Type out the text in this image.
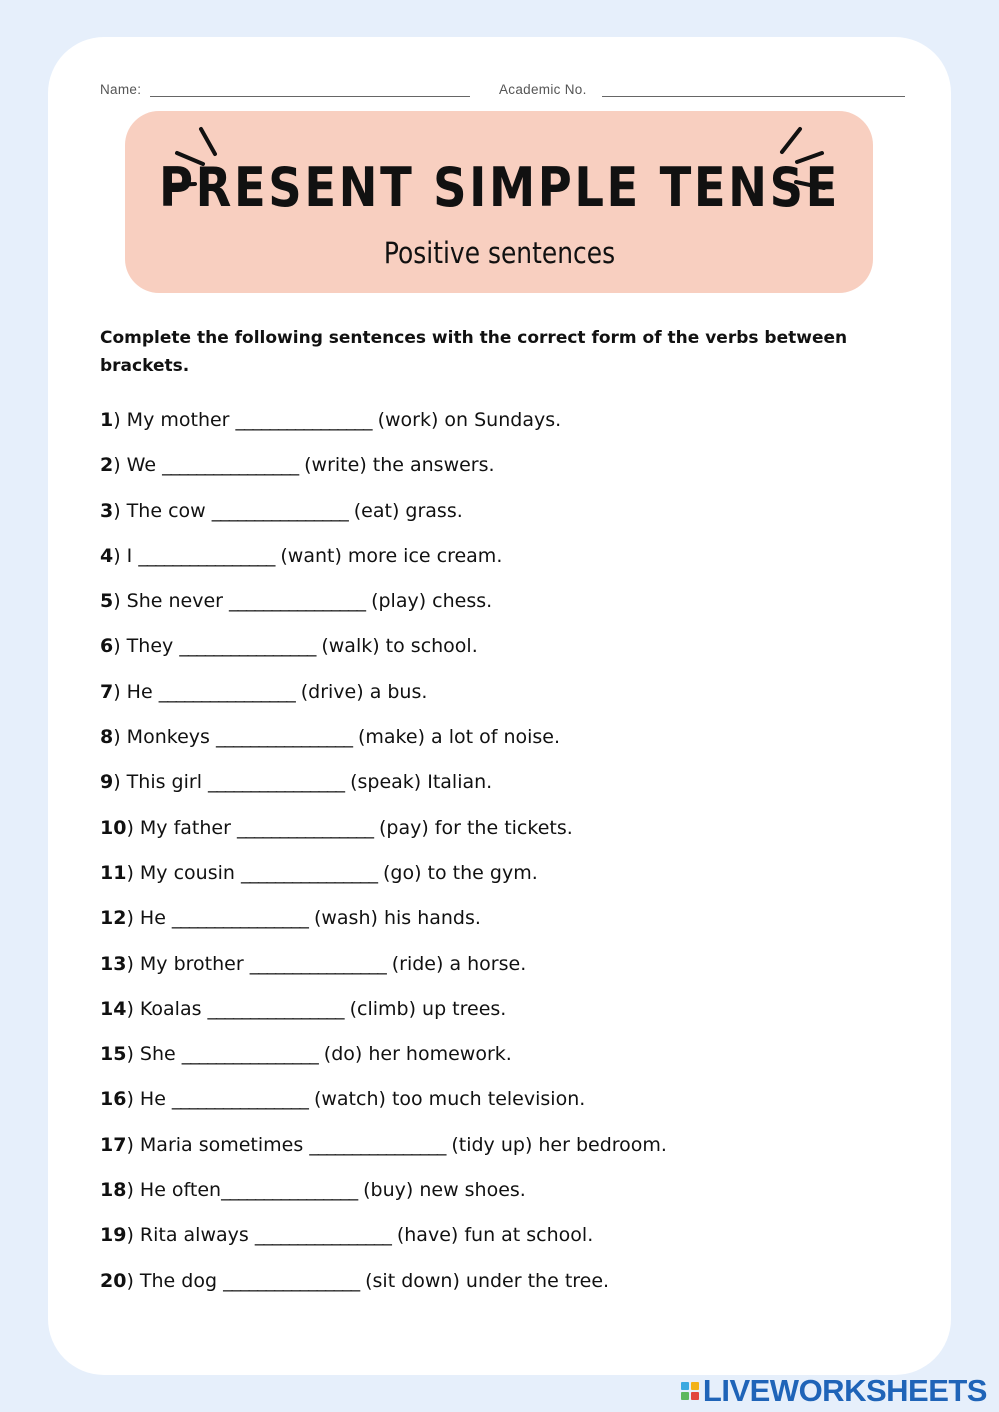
Name:	Academic No.
PRESENT SIMPLE TENSE
Positive sentences
Complete the following sentences with the correct form of the verbs between brackets.
1) My mother ________________ (work) on Sundays.
2) We ________________ (write) the answers.
3) The cow ________________ (eat) grass.
4) I ________________ (want) more ice cream.
5) She never ________________ (play) chess.
6) They ________________ (walk) to school.
7) He ________________ (drive) a bus.
8) Monkeys ________________ (make) a lot of noise.
9) This girl ________________ (speak) Italian.
10) My father ________________ (pay) for the tickets.
11) My cousin ________________ (go) to the gym.
12) He ________________ (wash) his hands.
13) My brother ________________ (ride) a horse.
14) Koalas ________________ (climb) up trees.
15) She ________________ (do) her homework.
16) He ________________ (watch) too much television.
17) Maria sometimes ________________ (tidy up) her bedroom.
18) He often________________ (buy) new shoes.
19) Rita always ________________ (have) fun at school.
20) The dog ________________ (sit down) under the tree.
LIVEWORKSHEETS
